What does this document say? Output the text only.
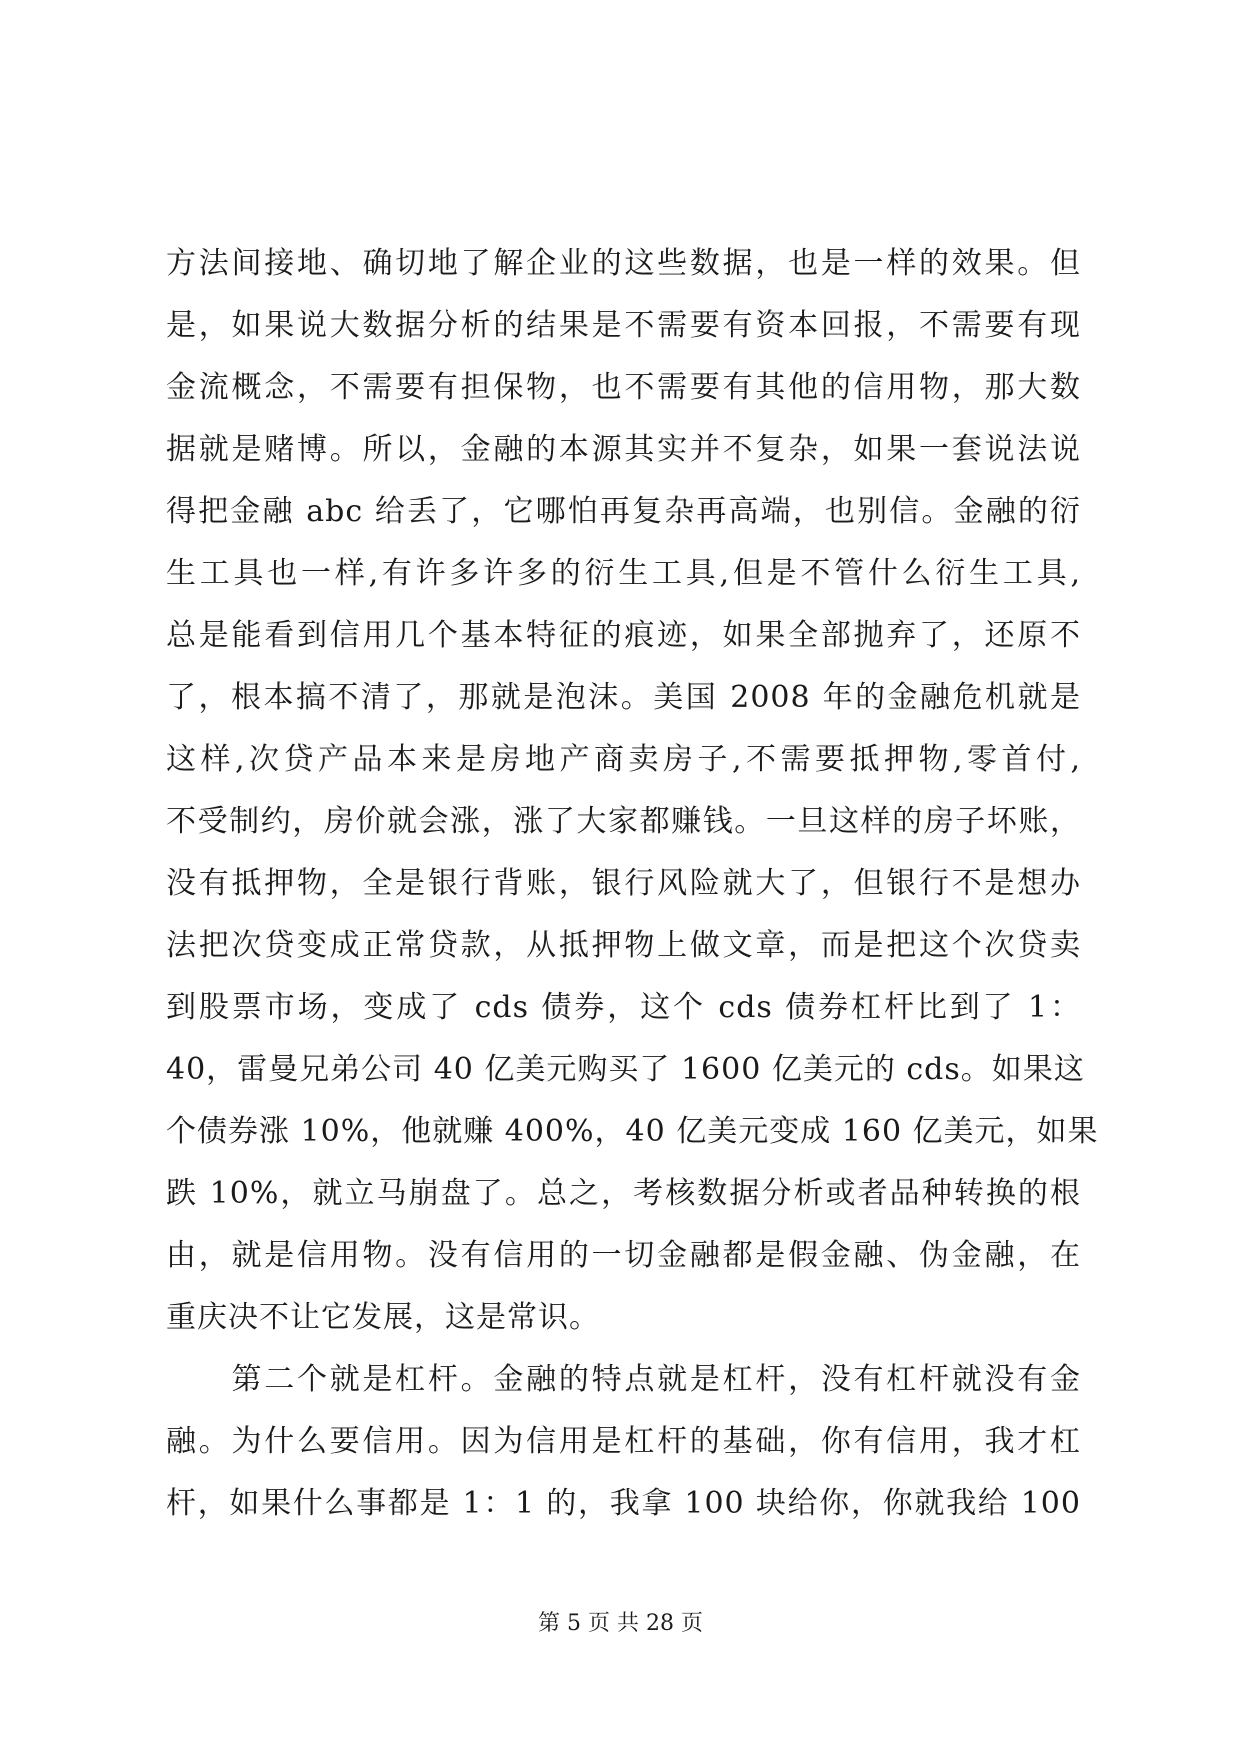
方法间接地、确切地了解企业的这些数据，也是一样的效果。但
是，如果说大数据分析的结果是不需要有资本回报，不需要有现
金流概念，不需要有担保物，也不需要有其他的信用物，那大数
据就是赌博。所以，金融的本源其实并不复杂，如果一套说法说
得把金融 abc 给丢了，它哪怕再复杂再高端，也别信。金融的衍
生工具也一样,有许多许多的衍生工具,但是不管什么衍生工具,
总是能看到信用几个基本特征的痕迹，如果全部抛弃了，还原不
了，根本搞不清了，那就是泡沫。美国 2008 年的金融危机就是
这样,次贷产品本来是房地产商卖房子,不需要抵押物,零首付,
不受制约，房价就会涨，涨了大家都赚钱。一旦这样的房子坏账，
没有抵押物，全是银行背账，银行风险就大了，但银行不是想办
法把次贷变成正常贷款，从抵押物上做文章，而是把这个次贷卖
到股票市场，变成了 cds 债券，这个 cds 债券杠杆比到了 1：
40，雷曼兄弟公司 40 亿美元购买了 1600 亿美元的 cds。如果这
个债券涨 10%，他就赚 400%，40 亿美元变成 160 亿美元，如果
跌 10%，就立马崩盘了。总之，考核数据分析或者品种转换的根
由，就是信用物。没有信用的一切金融都是假金融、伪金融，在
重庆决不让它发展，这是常识。
　　第二个就是杠杆。金融的特点就是杠杆，没有杠杆就没有金
融。为什么要信用。因为信用是杠杆的基础，你有信用，我才杠
杆，如果什么事都是 1：1 的，我拿 100 块给你，你就我给 100
第 5 页 共 28 页
